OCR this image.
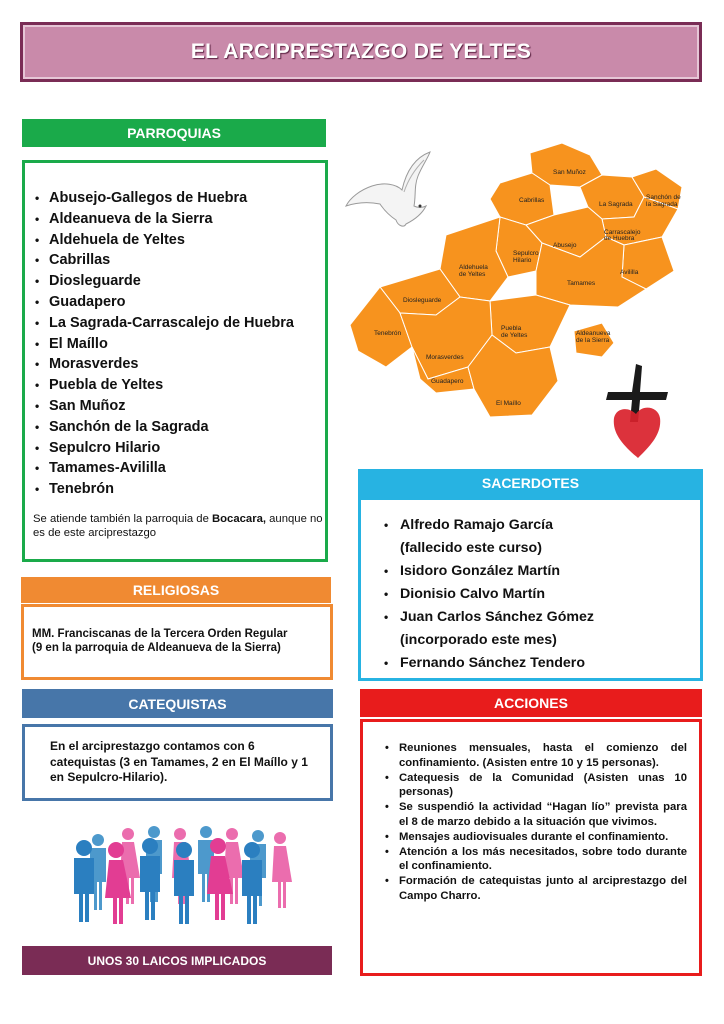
EL ARCIPRESTAZGO DE YELTES
PARROQUIAS
• Abusejo-Gallegos de Huebra
• Aldeanueva de la Sierra
• Aldehuela de Yeltes
• Cabrillas
• Diosleguarde
• Guadapero
• La Sagrada-Carrascalejo de Huebra
• El Maíllo
• Morasverdes
• Puebla de Yeltes
• San Muñoz
• Sanchón de la Sagrada
• Sepulcro Hilario
• Tamames-Avililla
• Tenebrón
Se atiende también la parroquia de Bocacara, aunque no es de este arciprestazgo
RELIGIOSAS
MM. Franciscanas de la Tercera Orden Regular
(9 en la parroquia de Aldeanueva de la Sierra)
CATEQUISTAS
En el arciprestazgo contamos con 6 catequistas (3 en Tamames, 2 en El Maíllo y 1 en Sepulcro-Hilario).
UNOS 30 LAICOS IMPLICADOS
San Muñoz
Cabrillas
La Sagrada
Sanchón de
la Sagrada
Carrascalejo
de Huebra
Sepulcro
Hilario
Abusejo
Aldehuela
de Yeltes	Avililla
Tamames
Diosleguarde
Tenebrón
Puebla
de Yeltes	Aldeanueva
de la Sierra
Morasverdes
Guadapero
El Maíllo
SACERDOTES
• Alfredo Ramajo García
(fallecido este curso)
• Isidoro González Martín
• Dionisio Calvo Martín
• Juan Carlos Sánchez Gómez
(incorporado este mes)
• Fernando Sánchez Tendero
ACCIONES
• Reuniones mensuales, hasta el comienzo del confinamiento. (Asisten entre 10 y 15 personas).
• Catequesis de la Comunidad (Asisten unas 10 personas)
• Se suspendió la actividad “Hagan lío” prevista para el 8 de marzo debido a la situación que vivimos.
• Mensajes audiovisuales durante el confinamiento.
• Atención a los más necesitados, sobre todo durante el confinamiento.
• Formación de catequistas junto al arciprestazgo del Campo Charro.
